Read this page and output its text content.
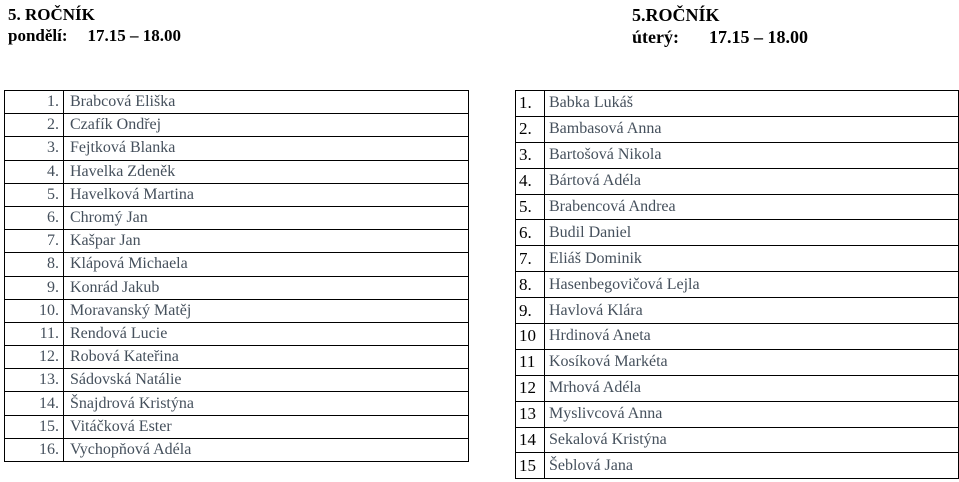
5. ROČNÍK
pondělí: 17.15 – 18.00
5.ROČNÍK
úterý: 17.15 – 18.00
1.	Brabcová Eliška
2.	Czafík Ondřej
3.	Fejtková Blanka
4.	Havelka Zdeněk
5.	Havelková Martina
6.	Chromý Jan
7.	Kašpar Jan
8.	Klápová Michaela
9.	Konrád Jakub
10.	Moravanský Matěj
11.	Rendová Lucie
12.	Robová Kateřina
13.	Sádovská Natálie
14.	Šnajdrová Kristýna
15.	Vitáčková Ester
16.	Vychopňová Adéla
1.	Babka Lukáš
2.	Bambasová Anna
3.	Bartošová Nikola
4.	Bártová Adéla
5.	Brabencová Andrea
6.	Budil Daniel
7.	Eliáš Dominik
8.	Hasenbegovičová Lejla
9.	Havlová Klára
10	Hrdinová Aneta
11	Kosíková Markéta
12	Mrhová Adéla
13	Myslivcová Anna
14	Sekalová Kristýna
15	Šeblová Jana
